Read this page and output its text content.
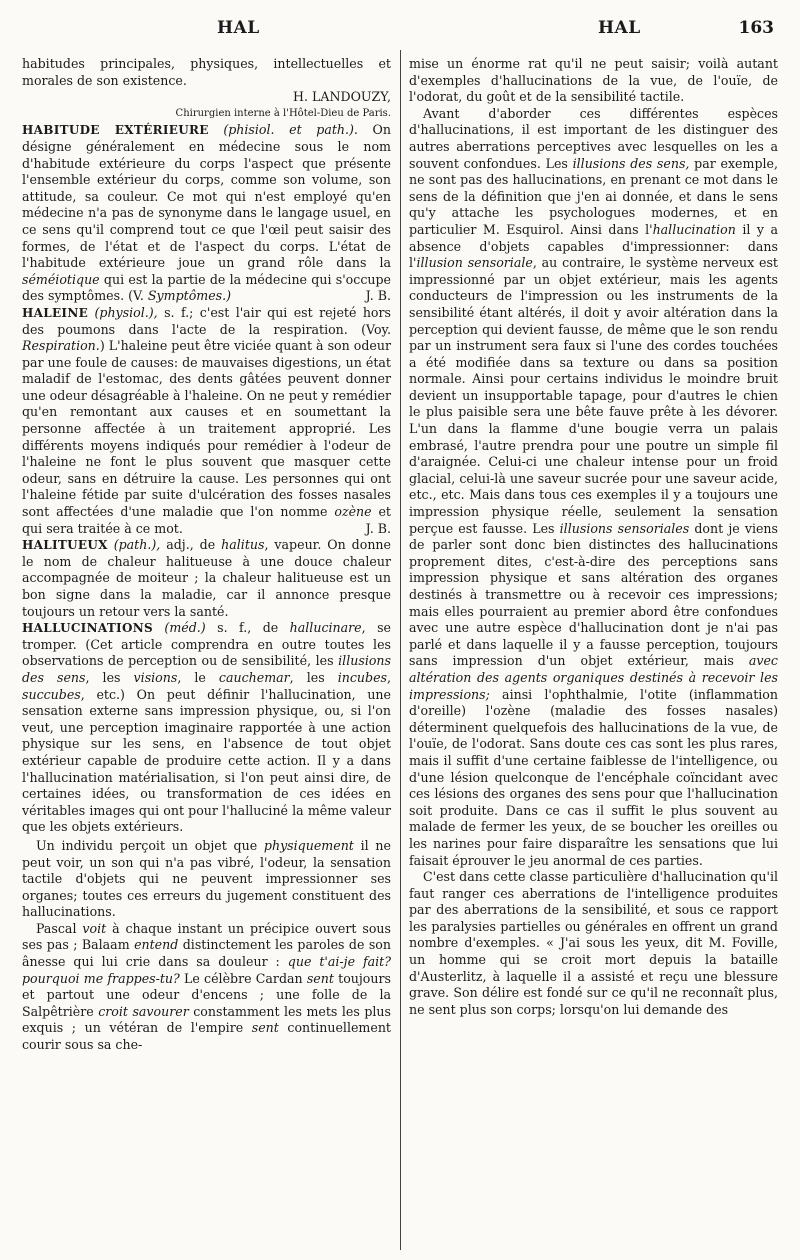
HAL	HAL	163

habitudes principales, physiques, intellectuelles et morales de son existence.

H. LANDOUZY,

Chirurgien interne à l'Hôtel-Dieu de Paris.

HABITUDE EXTÉRIEURE (phisiol. et path.). On désigne généralement en médecine sous le nom d'habitude extérieure du corps l'aspect que présente l'ensemble extérieur du corps, comme son volume, son attitude, sa couleur. Ce mot qui n'est employé qu'en médecine n'a pas de synonyme dans le langage usuel, en ce sens qu'il comprend tout ce que l'œil peut saisir des formes, de l'état et de l'aspect du corps. L'état de l'habitude extérieure joue un grand rôle dans la séméiotique qui est la partie de la médecine qui s'occupe des symptômes. (V. Symptômes.)	J. B.

HALEINE (physiol.), s. f.; c'est l'air qui est rejeté hors des poumons dans l'acte de la respiration. (Voy. Respiration.) L'haleine peut être viciée quant à son odeur par une foule de causes: de mauvaises digestions, un état maladif de l'estomac, des dents gâtées peuvent donner une odeur désagréable à l'haleine. On ne peut y remédier qu'en remontant aux causes et en soumettant la personne affectée à un traitement approprié. Les différents moyens indiqués pour remédier à l'odeur de l'haleine ne font le plus souvent que masquer cette odeur, sans en détruire la cause. Les personnes qui ont l'haleine fétide par suite d'ulcération des fosses nasales sont affectées d'une maladie que l'on nomme ozène et qui sera traitée à ce mot.	J. B.

HALITUEUX (path.), adj., de halitus, vapeur. On donne le nom de chaleur halitueuse à une douce chaleur accompagnée de moiteur ; la chaleur halitueuse est un bon signe dans la maladie, car il annonce presque toujours un retour vers la santé.

HALLUCINATIONS (méd.) s. f., de hallucinare, se tromper. (Cet article comprendra en outre toutes les observations de perception ou de sensibilité, les illusions des sens, les visions, le cauchemar, les incubes, succubes, etc.) On peut définir l'hallucination, une sensation externe sans impression physique, ou, si l'on veut, une perception imaginaire rapportée à une action physique sur les sens, en l'absence de tout objet extérieur capable de produire cette action. Il y a dans l'hallucination matérialisation, si l'on peut ainsi dire, de certaines idées, ou transformation de ces idées en véritables images qui ont pour l'halluciné la même valeur que les objets extérieurs.

Un individu perçoit un objet que physiquement il ne peut voir, un son qui n'a pas vibré, l'odeur, la sensation tactile d'objets qui ne peuvent impressionner ses organes; toutes ces erreurs du jugement constituent des hallucinations.

Pascal voit à chaque instant un précipice ouvert sous ses pas ; Balaam entend distinctement les paroles de son ânesse qui lui crie dans sa douleur : que t'ai-je fait? pourquoi me frappes-tu? Le célèbre Cardan sent toujours et partout une odeur d'encens ; une folle de la Salpêtrière croit savourer constamment les mets les plus exquis ; un vétéran de l'empire sent continuellement courir sous sa che-

mise un énorme rat qu'il ne peut saisir; voilà autant d'exemples d'hallucinations de la vue, de l'ouïe, de l'odorat, du goût et de la sensibilité tactile.

Avant d'aborder ces différentes espèces d'hallucinations, il est important de les distinguer des autres aberrations perceptives avec lesquelles on les a souvent confondues. Les illusions des sens, par exemple, ne sont pas des hallucinations, en prenant ce mot dans le sens de la définition que j'en ai donnée, et dans le sens qu'y attache les psychologues modernes, et en particulier M. Esquirol. Ainsi dans l'hallucination il y a absence d'objets capables d'impressionner: dans l'illusion sensoriale, au contraire, le système nerveux est impressionné par un objet extérieur, mais les agents conducteurs de l'impression ou les instruments de la sensibilité étant altérés, il doit y avoir altération dans la perception qui devient fausse, de même que le son rendu par un instrument sera faux si l'une des cordes touchées a été modifiée dans sa texture ou dans sa position normale. Ainsi pour certains individus le moindre bruit devient un insupportable tapage, pour d'autres le chien le plus paisible sera une bête fauve prête à les dévorer. L'un dans la flamme d'une bougie verra un palais embrasé, l'autre prendra pour une poutre un simple fil d'araignée. Celui-ci une chaleur intense pour un froid glacial, celui-là une saveur sucrée pour une saveur acide, etc., etc. Mais dans tous ces exemples il y a toujours une impression physique réelle, seulement la sensation perçue est fausse. Les illusions sensoriales dont je viens de parler sont donc bien distinctes des hallucinations proprement dites, c'est-à-dire des perceptions sans impression physique et sans altération des organes destinés à transmettre ou à recevoir ces impressions; mais elles pourraient au premier abord être confondues avec une autre espèce d'hallucination dont je n'ai pas parlé et dans laquelle il y a fausse perception, toujours sans impression d'un objet extérieur, mais avec altération des agents organiques destinés à recevoir les impressions; ainsi l'ophthalmie, l'otite (inflammation d'oreille) l'ozène (maladie des fosses nasales) déterminent quelquefois des hallucinations de la vue, de l'ouïe, de l'odorat. Sans doute ces cas sont les plus rares, mais il suffit d'une certaine faiblesse de l'intelligence, ou d'une lésion quelconque de l'encéphale coïncidant avec ces lésions des organes des sens pour que l'hallucination soit produite. Dans ce cas il suffit le plus souvent au malade de fermer les yeux, de se boucher les oreilles ou les narines pour faire disparaître les sensations que lui faisait éprouver le jeu anormal de ces parties.

C'est dans cette classe particulière d'hallucination qu'il faut ranger ces aberrations de l'intelligence produites par des aberrations de la sensibilité, et sous ce rapport les paralysies partielles ou générales en offrent un grand nombre d'exemples. « J'ai sous les yeux, dit M. Foville, un homme qui se croit mort depuis la bataille d'Austerlitz, à laquelle il a assisté et reçu une blessure grave. Son délire est fondé sur ce qu'il ne reconnaît plus, ne sent plus son corps; lorsqu'on lui demande des
